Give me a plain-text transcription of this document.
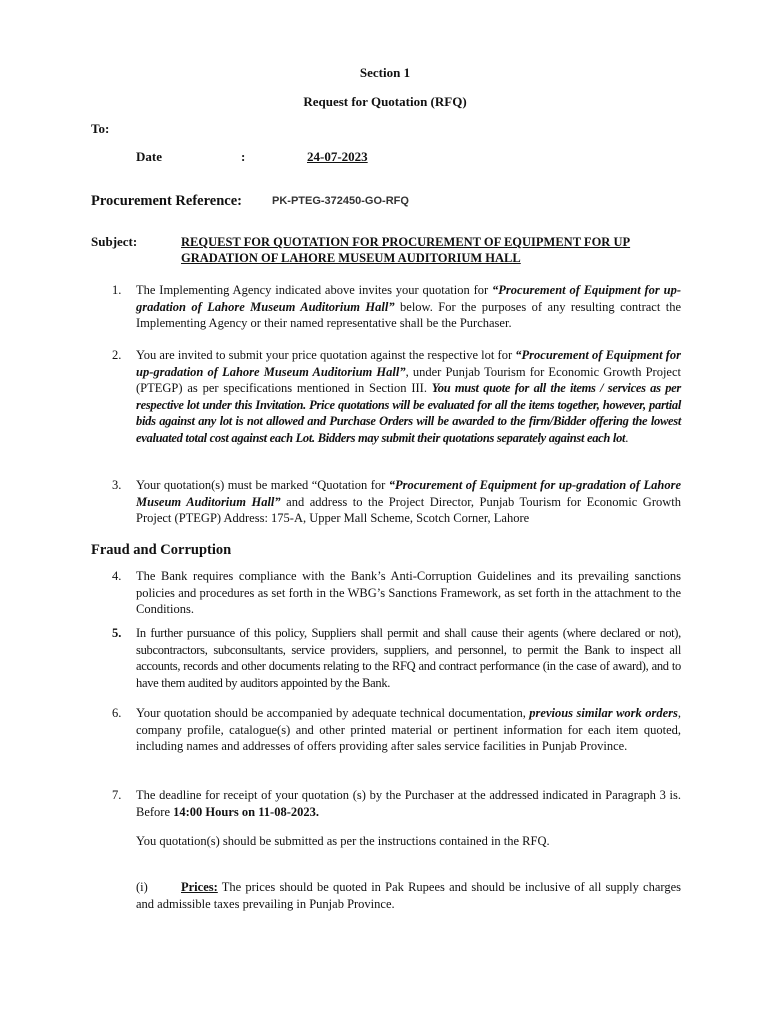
Section 1
Request for Quotation (RFQ)
To:
Date	:	24-07-2023
Procurement Reference:	PK-PTEG-372450-GO-RFQ
Subject:	REQUEST FOR QUOTATION FOR PROCUREMENT OF EQUIPMENT FOR UP
GRADATION OF LAHORE MUSEUM AUDITORIUM HALL
1. The Implementing Agency indicated above invites your quotation for “Procurement of Equipment for up-gradation of Lahore Museum Auditorium Hall” below. For the purposes of any resulting contract the Implementing Agency or their named representative shall be the Purchaser.
2. You are invited to submit your price quotation against the respective lot for “Procurement of Equipment for up-gradation of Lahore Museum Auditorium Hall”, under Punjab Tourism for Economic Growth Project (PTEGP) as per specifications mentioned in Section III. You must quote for all the items / services as per respective lot under this Invitation. Price quotations will be evaluated for all the items together, however, partial bids against any lot is not allowed and Purchase Orders will be awarded to the firm/Bidder offering the lowest evaluated total cost against each Lot. Bidders may submit their quotations separately against each lot.
3. Your quotation(s) must be marked “Quotation for “Procurement of Equipment for up-gradation of Lahore Museum Auditorium Hall” and address to the Project Director, Punjab Tourism for Economic Growth Project (PTEGP) Address: 175-A, Upper Mall Scheme, Scotch Corner, Lahore
Fraud and Corruption
4. The Bank requires compliance with the Bank’s Anti-Corruption Guidelines and its prevailing sanctions policies and procedures as set forth in the WBG’s Sanctions Framework, as set forth in the attachment to the Conditions.
5. In further pursuance of this policy, Suppliers shall permit and shall cause their agents (where declared or not), subcontractors, subconsultants, service providers, suppliers, and personnel, to permit the Bank to inspect all accounts, records and other documents relating to the RFQ and contract performance (in the case of award), and to have them audited by auditors appointed by the Bank.
6. Your quotation should be accompanied by adequate technical documentation, previous similar work orders, company profile, catalogue(s) and other printed material or pertinent information for each item quoted, including names and addresses of offers providing after sales service facilities in Punjab Province.
7. The deadline for receipt of your quotation (s) by the Purchaser at the addressed indicated in Paragraph 3 is. Before 14:00 Hours on 11-08-2023.
You quotation(s) should be submitted as per the instructions contained in the RFQ.
(i)	Prices: The prices should be quoted in Pak Rupees and should be inclusive of all supply charges and admissible taxes prevailing in Punjab Province.
